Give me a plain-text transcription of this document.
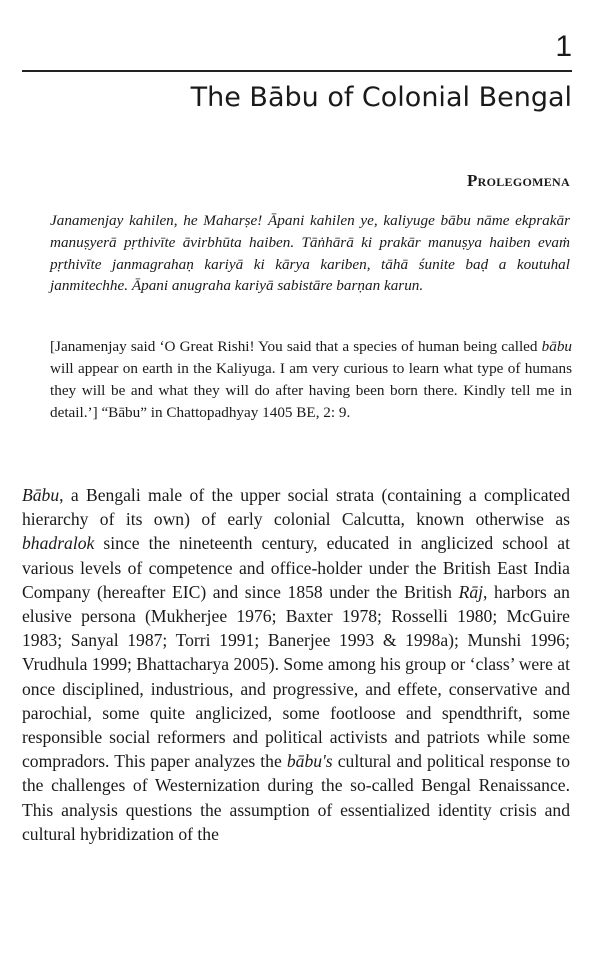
1
The Bābu of Colonial Bengal
Prolegomena

Janamenjay kahilen, he Maharṣe! Āpani kahilen ye, kaliyuge bābu nāme ekprakār manuṣyerā pṛthivīte āvirbhūta haiben. Tāṅhārā ki prakār manuṣya haiben evaṁ pṛthivīte janmagrahaṇ kariyā ki kārya kariben, tāhā śunite baḍ a koutuhal janmitechhe. Āpani anugraha kariyā sabistāre barṇan karun.

[Janamenjay said ‘O Great Rishi! You said that a species of human being called bābu will appear on earth in the Kaliyuga. I am very curious to learn what type of humans they will be and what they will do after having been born there. Kindly tell me in detail.’] “Bābu” in Chattopadhyay 1405 BE, 2: 9.

Bābu, a Bengali male of the upper social strata (containing a complicated hierarchy of its own) of early colonial Calcutta, known otherwise as bhadralok since the nineteenth century, educated in anglicized school at various levels of competence and office-holder under the British East India Company (hereafter EIC) and since 1858 under the British Rāj, harbors an elusive persona (Mukherjee 1976; Baxter 1978; Rosselli 1980; McGuire 1983; Sanyal 1987; Torri 1991; Banerjee 1993 & 1998a); Munshi 1996; Vrudhula 1999; Bhattacharya 2005). Some among his group or ‘class’ were at once disciplined, industrious, and progressive, and effete, conservative and parochial, some quite anglicized, some footloose and spendthrift, some responsible social reformers and political activists and patriots while some compradors. This paper analyzes the bābu's cultural and political response to the challenges of Westernization during the so-called Bengal Renaissance. This analysis questions the assumption of essentialized identity crisis and cultural hybridization of the
